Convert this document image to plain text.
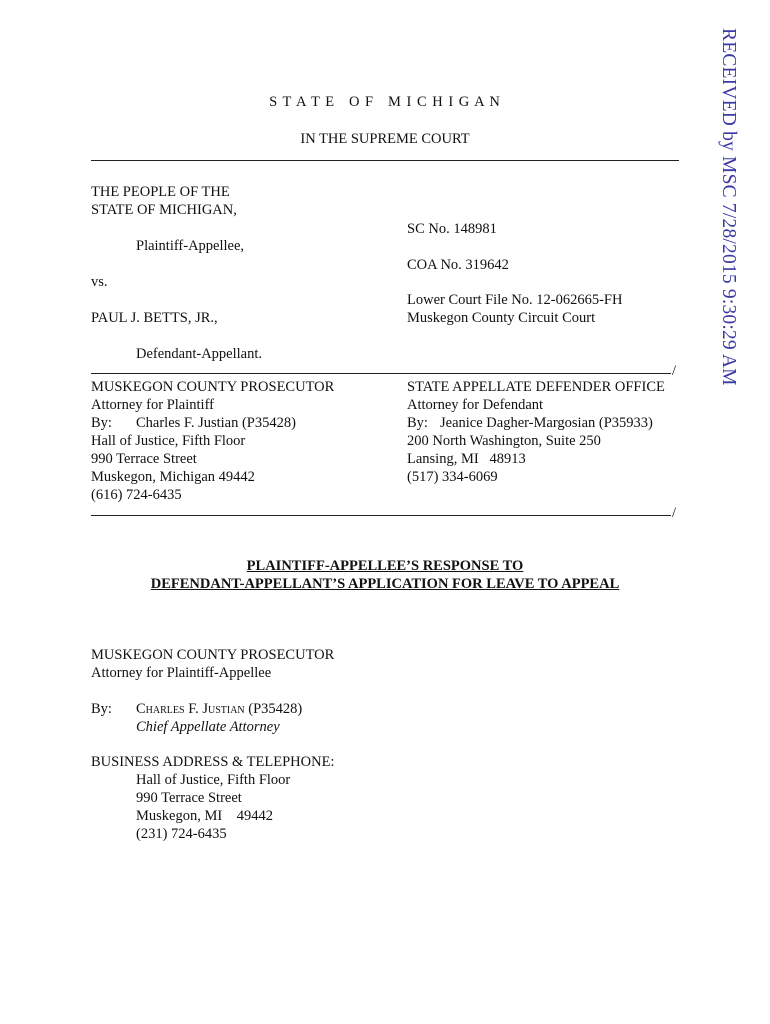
RECEIVED by MSC 7/28/2015 9:30:29 AM
S T A T E   O F   M I C H I G A N
IN THE SUPREME COURT
THE PEOPLE OF THE
STATE OF MICHIGAN,
Plaintiff-Appellee,
vs.
PAUL J. BETTS, JR.,
Defendant-Appellant.
SC No. 148981
COA No. 319642
Lower Court File No. 12-062665-FH
Muskegon County Circuit Court
/
MUSKEGON COUNTY PROSECUTOR
Attorney for Plaintiff
By: Charles F. Justian (P35428)
Hall of Justice, Fifth Floor
990 Terrace Street
Muskegon, Michigan 49442
(616) 724-6435
STATE APPELLATE DEFENDER OFFICE
Attorney for Defendant
By: Jeanice Dagher-Margosian (P35933)
200 North Washington, Suite 250
Lansing, MI   48913
(517) 334-6069
/
PLAINTIFF-APPELLEE’S RESPONSE TO
DEFENDANT-APPELLANT’S APPLICATION FOR LEAVE TO APPEAL
MUSKEGON COUNTY PROSECUTOR
Attorney for Plaintiff-Appellee
By: Charles F. Justian (P35428)
Chief Appellate Attorney
BUSINESS ADDRESS & TELEPHONE:
Hall of Justice, Fifth Floor
990 Terrace Street
Muskegon, MI    49442
(231) 724-6435
